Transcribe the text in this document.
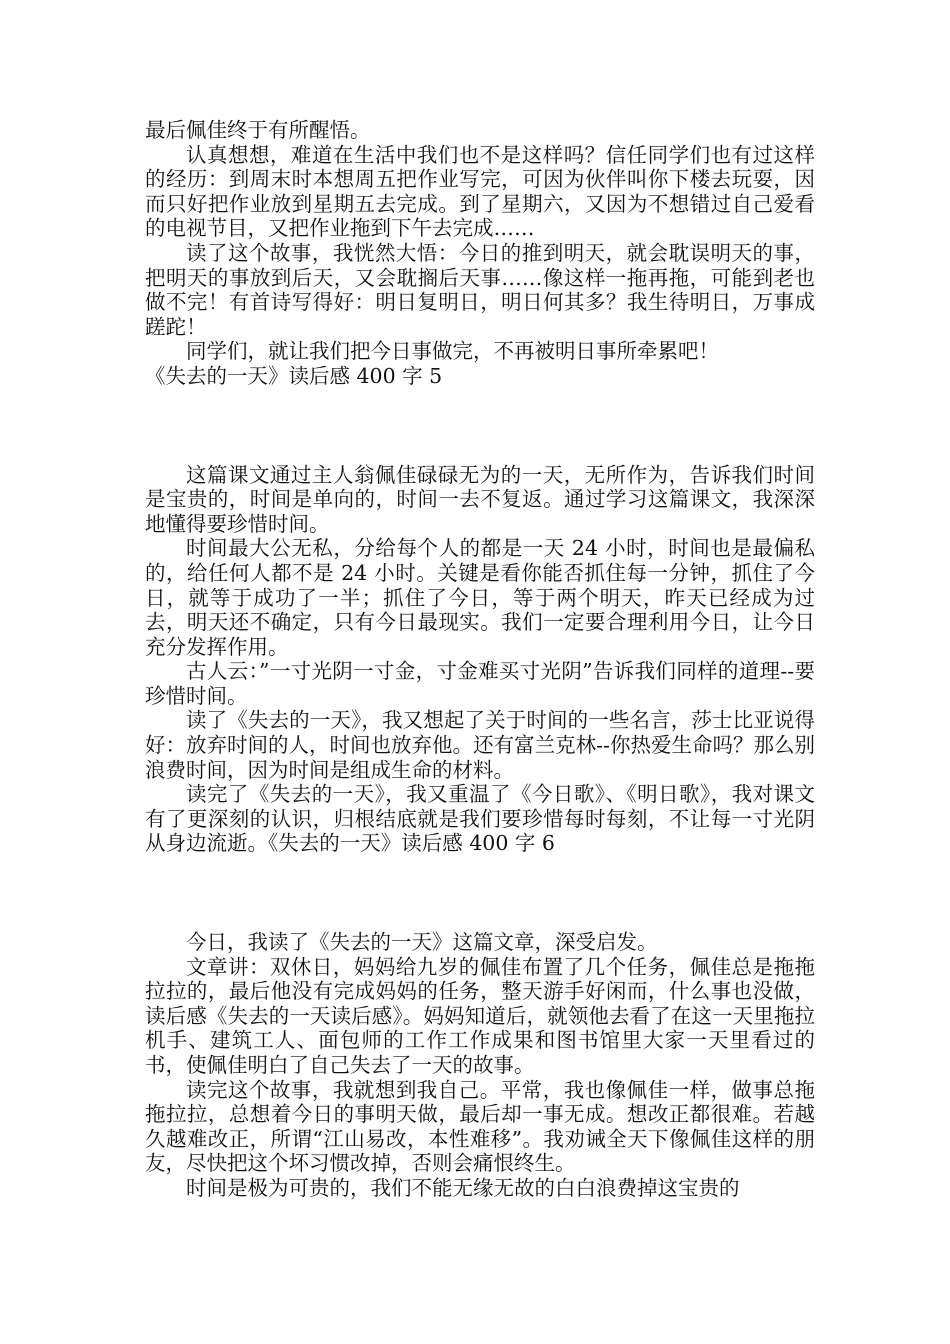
最后佩佳终于有所醒悟。

认真想想，难道在生活中我们也不是这样吗？信任同学们也有过这样的经历：到周末时本想周五把作业写完，可因为伙伴叫你下楼去玩耍，因而只好把作业放到星期五去完成。到了星期六，又因为不想错过自己爱看的电视节目，又把作业拖到下午去完成……

读了这个故事，我恍然大悟：今日的推到明天，就会耽误明天的事，把明天的事放到后天，又会耽搁后天事……像这样一拖再拖，可能到老也做不完！有首诗写得好：明日复明日，明日何其多？我生待明日，万事成蹉跎！

同学们，就让我们把今日事做完，不再被明日事所牵累吧！

《失去的一天》读后感 400 字 5

这篇课文通过主人翁佩佳碌碌无为的一天，无所作为，告诉我们时间是宝贵的，时间是单向的，时间一去不复返。通过学习这篇课文，我深深地懂得要珍惜时间。

时间最大公无私，分给每个人的都是一天 24 小时，时间也是最偏私的，给任何人都不是 24 小时。关键是看你能否抓住每一分钟，抓住了今日，就等于成功了一半；抓住了今日，等于两个明天，昨天已经成为过去，明天还不确定，只有今日最现实。我们一定要合理利用今日，让今日充分发挥作用。

古人云：”一寸光阴一寸金，寸金难买寸光阴”告诉我们同样的道理--要珍惜时间。

读了《失去的一天》，我又想起了关于时间的一些名言，莎士比亚说得好：放弃时间的人，时间也放弃他。还有富兰克林--你热爱生命吗？那么别浪费时间，因为时间是组成生命的材料。

读完了《失去的一天》，我又重温了《今日歌》、《明日歌》，我对课文有了更深刻的认识，归根结底就是我们要珍惜每时每刻，不让每一寸光阴从身边流逝。《失去的一天》读后感 400 字 6

今日，我读了《失去的一天》这篇文章，深受启发。

文章讲：双休日，妈妈给九岁的佩佳布置了几个任务，佩佳总是拖拖拉拉的，最后他没有完成妈妈的任务，整天游手好闲而，什么事也没做，读后感《失去的一天读后感》。妈妈知道后，就领他去看了在这一天里拖拉机手、建筑工人、面包师的工作工作成果和图书馆里大家一天里看过的书，使佩佳明白了自己失去了一天的故事。

读完这个故事，我就想到我自己。平常，我也像佩佳一样，做事总拖拖拉拉，总想着今日的事明天做，最后却一事无成。想改正都很难。若越久越难改正，所谓“江山易改，本性难移”。我劝诫全天下像佩佳这样的朋友，尽快把这个坏习惯改掉，否则会痛恨终生。

时间是极为可贵的，我们不能无缘无故的白白浪费掉这宝贵的
